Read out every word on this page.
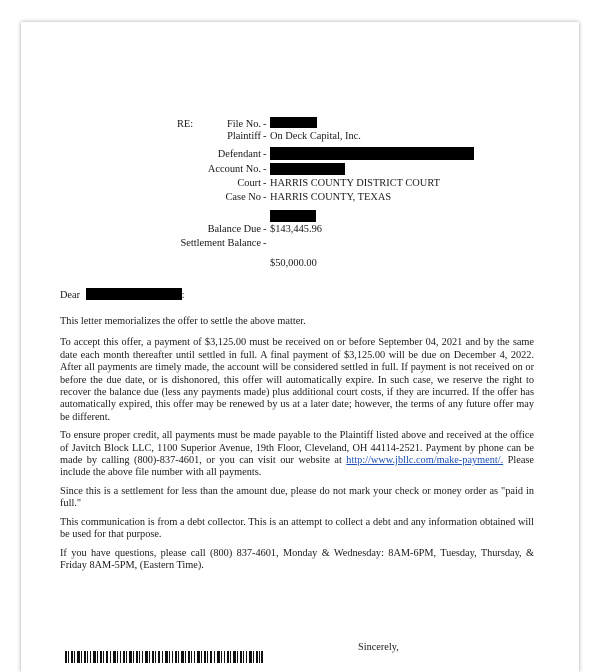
RE:	File No. -
Plaintiff - On Deck Capital, Inc.
Defendant -
Account No. -
Court - HARRIS COUNTY DISTRICT COURT
Case No - HARRIS COUNTY, TEXAS
Balance Due - $143,445.96
Settlement Balance -
$50,000.00
Dear	:

This letter memorializes the offer to settle the above matter.

To accept this offer, a payment of $3,125.00 must be received on or before September 04, 2021 and by the same date each month thereafter until settled in full. A final payment of $3,125.00 will be due on December 4, 2022. After all payments are timely made, the account will be considered settled in full. If payment is not received on or before the due date, or is dishonored, this offer will automatically expire. In such case, we reserve the right to recover the balance due (less any payments made) plus additional court costs, if they are incurred. If the offer has automatically expired, this offer may be renewed by us at a later date; however, the terms of any future offer may be different.

To ensure proper credit, all payments must be made payable to the Plaintiff listed above and received at the office of Javitch Block LLC, 1100 Superior Avenue, 19th Floor, Cleveland, OH 44114-2521. Payment by phone can be made by calling (800)-837-4601, or you can visit our website at http://www.jbllc.com/make-payment/. Please include the above file number with all payments.

Since this is a settlement for less than the amount due, please do not mark your check or money order as "paid in full."

This communication is from a debt collector. This is an attempt to collect a debt and any information obtained will be used for that purpose.

If you have questions, please call (800) 837-4601, Monday & Wednesday: 8AM-6PM, Tuesday, Thursday, & Friday 8AM-5PM, (Eastern Time).

Sincerely,
